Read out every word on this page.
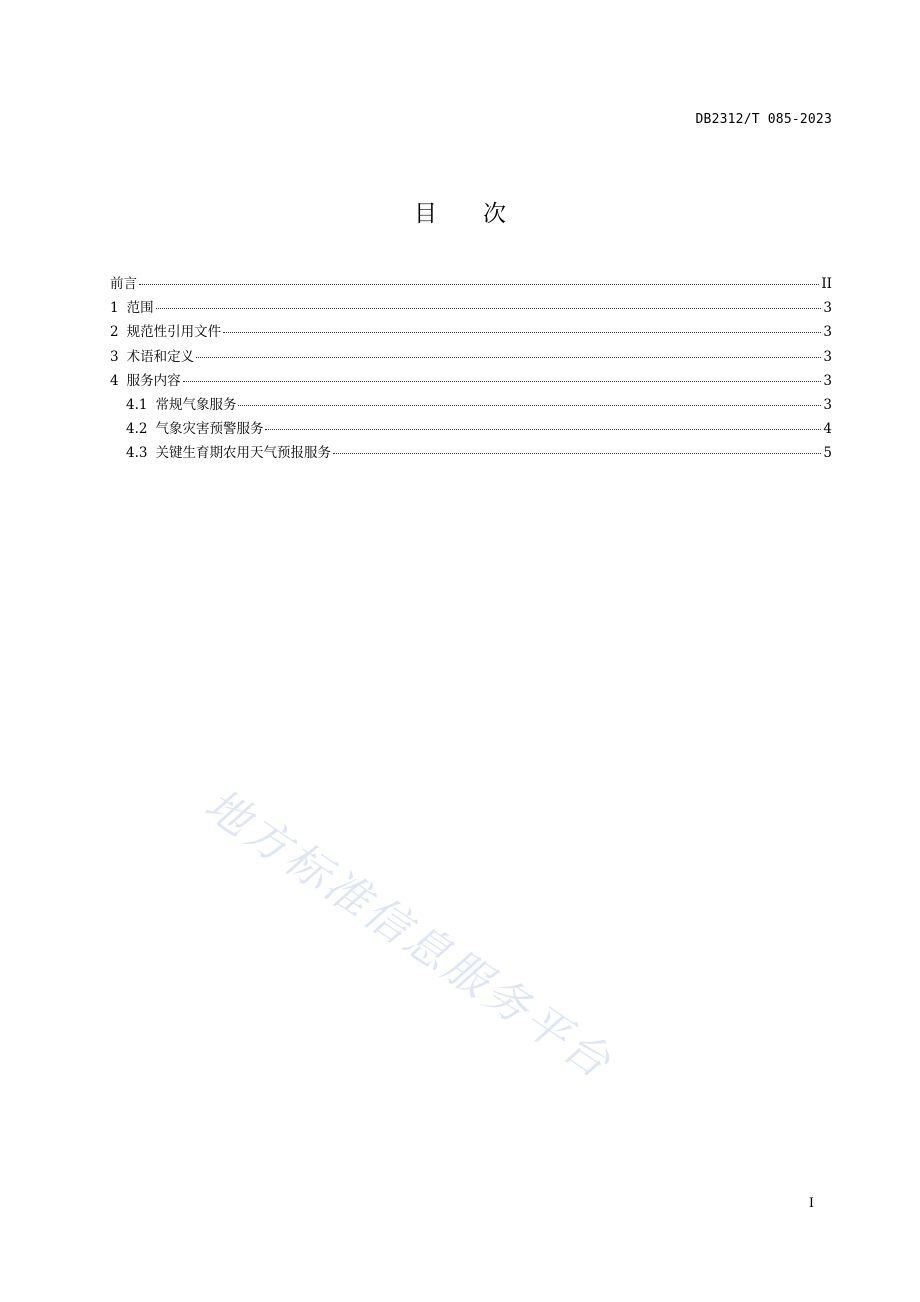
DB2312/T 085-2023
目次
前言	II
1 范围	3
2 规范性引用文件	3
3 术语和定义	3
4 服务内容	3
4.1 常规气象服务	3
4.2 气象灾害预警服务	4
4.3 关键生育期农用天气预报服务	5
地方标准信息服务平台
I
